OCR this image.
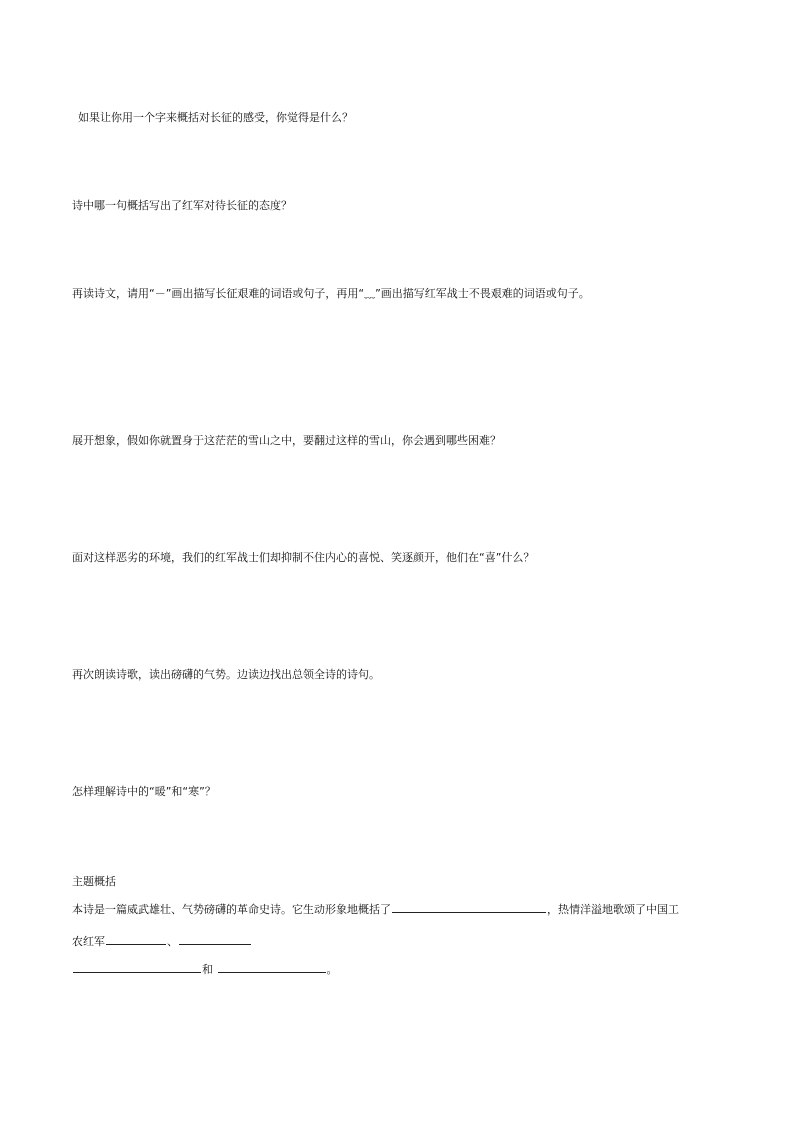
如果让你用一个字来概括对长征的感受，你觉得是什么？
诗中哪一句概括写出了红军对待长征的态度？
再读诗文，请用“－”画出描写长征艰难的词语或句子，再用“﹏”画出描写红军战士不畏艰难的词语或句子。
展开想象，假如你就置身于这茫茫的雪山之中，要翻过这样的雪山，你会遇到哪些困难？
面对这样恶劣的环境，我们的红军战士们却抑制不住内心的喜悦、笑逐颜开，他们在“喜”什么？
再次朗读诗歌，读出磅礴的气势。边读边找出总领全诗的诗句。
怎样理解诗中的“暖”和“寒”？
主题概括
本诗是一篇威武雄壮、气势磅礴的革命史诗。它生动形象地概括了	，热情洋溢地歌颂了中国工
农红军	、
和	。
